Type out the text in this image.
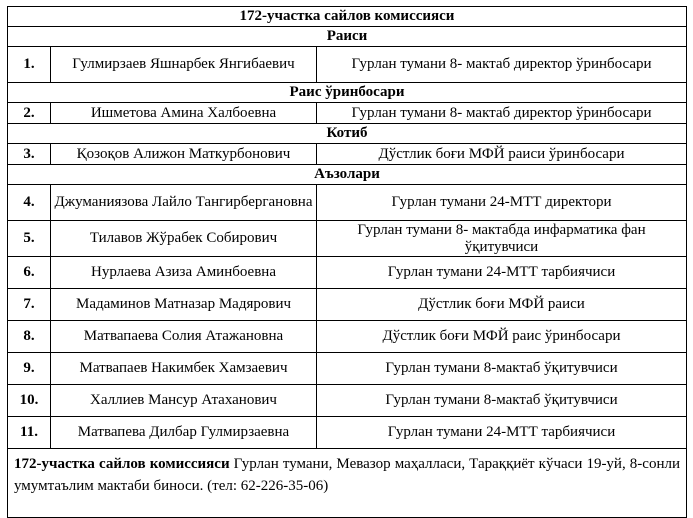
172-участка сайлов комиссияси		
Раиси		
1.	Гулмирзаев Яшнарбек Янгибаевич	Гурлан тумани 8- мактаб директор ўринбосари
Раис ўринбосари		
2.	Ишметова Амина Халбоевна	Гурлан тумани 8- мактаб директор ўринбосари
Котиб		
3.	Қозоқов Алижон Маткурбонович	Дўстлик боғи МФЙ раиси ўринбосари
Аъзолари		
4.	Джуманиязова Лайло Тангирбергановна	Гурлан тумани 24-МТТ директори
5.	Тилавов Жўрабек Собирович	Гурлан тумани 8- мактабда инфарматика фан ўқитувчиси
6.	Нурлаева Азиза Аминбоевна	Гурлан тумани 24-МТТ тарбиячиси
7.	Мадаминов Матназар Мадярович	Дўстлик боғи МФЙ раиси
8.	Матвапаева Солия Атажановна	Дўстлик боғи МФЙ раис ўринбосари
9.	Матвапаев Накимбек Хамзаевич	Гурлан тумани 8-мактаб ўқитувчиси
10.	Халлиев Мансур Атаханович	Гурлан тумани 8-мактаб ўқитувчиси
11.	Матвапева Дилбар Гулмирзаевна	Гурлан тумани 24-МТТ тарбиячиси
172-участка сайлов комиссияси Гурлан тумани, Мевазор маҳалласи, Тараққиёт кўчаси 19-уй, 8-сонли умумтаълим мактаби биноси. (тел: 62-226-35-06)		
